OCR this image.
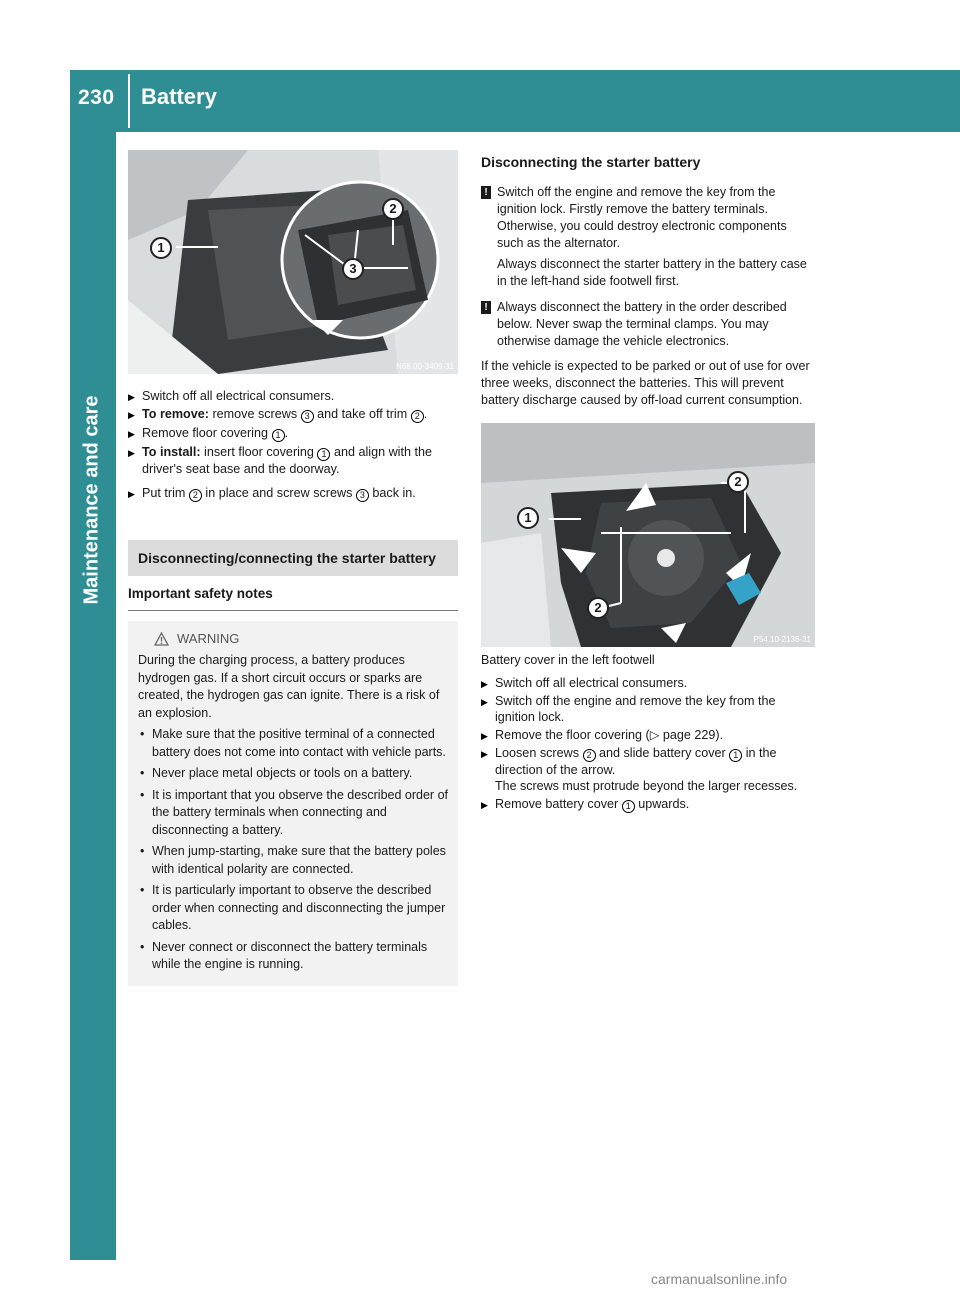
230 Battery
Maintenance and care
1
2
3
N68.00-3409-31
▶ Switch off all electrical consumers.
▶ To remove: remove screws 3 and take off trim 2 .
▶ Remove floor covering 1 .
▶ To install: insert floor covering 1 and align with the driver's seat base and the doorway.
▶ Put trim 2 in place and screw screws 3 back in.
Disconnecting/connecting the starter battery
Important safety notes
WARNING
During the charging process, a battery produces hydrogen gas. If a short circuit occurs or sparks are created, the hydrogen gas can ignite. There is a risk of an explosion.
• Make sure that the positive terminal of a connected battery does not come into contact with vehicle parts.
• Never place metal objects or tools on a battery.
• It is important that you observe the described order of the battery terminals when connecting and disconnecting a battery.
• When jump-starting, make sure that the battery poles with identical polarity are connected.
• It is particularly important to observe the described order when connecting and disconnecting the jumper cables.
• Never connect or disconnect the battery terminals while the engine is running.
Disconnecting the starter battery
! Switch off the engine and remove the key from the ignition lock. Firstly remove the battery terminals. Otherwise, you could destroy electronic components such as the alternator.

Always disconnect the starter battery in the battery case in the left-hand side footwell first.

! Always disconnect the battery in the order described below. Never swap the terminal clamps. You may otherwise damage the vehicle electronics.

If the vehicle is expected to be parked or out of use for over three weeks, disconnect the batteries. This will prevent battery discharge caused by off-load current consumption.
1
2
2
P54.10-2136-31
Battery cover in the left footwell
▶ Switch off all electrical consumers.
▶ Switch off the engine and remove the key from the ignition lock.
▶ Remove the floor covering (▷ page 229).
▶ Loosen screws 2 and slide battery cover 1 in the direction of the arrow.
The screws must protrude beyond the larger recesses.
▶ Remove battery cover 1 upwards.
carmanualsonline.info
